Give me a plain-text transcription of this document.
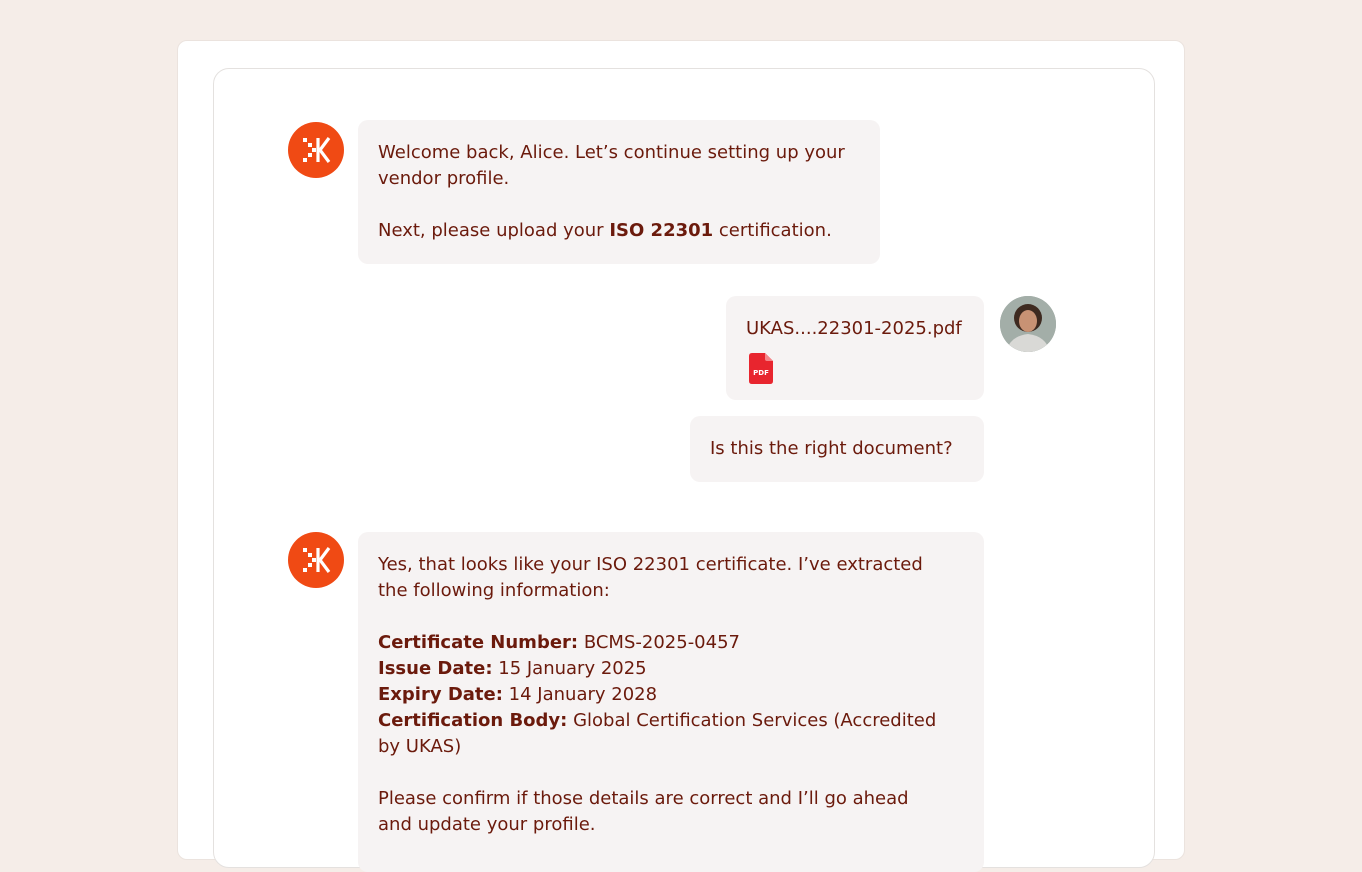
Welcome back, Alice. Let’s continue setting up your

vendor profile.

Next, please upload your ISO 22301 certification.

UKAS....22301-2025.pdf

PDF

Is this the right document?

Yes, that looks like your ISO 22301 certificate. I’ve extracted

the following information:

Certificate Number: BCMS-2025-0457

Issue Date: 15 January 2025

Expiry Date: 14 January 2028

Certification Body: Global Certification Services (Accredited

by UKAS)

Please confirm if those details are correct and I’ll go ahead

and update your profile.
